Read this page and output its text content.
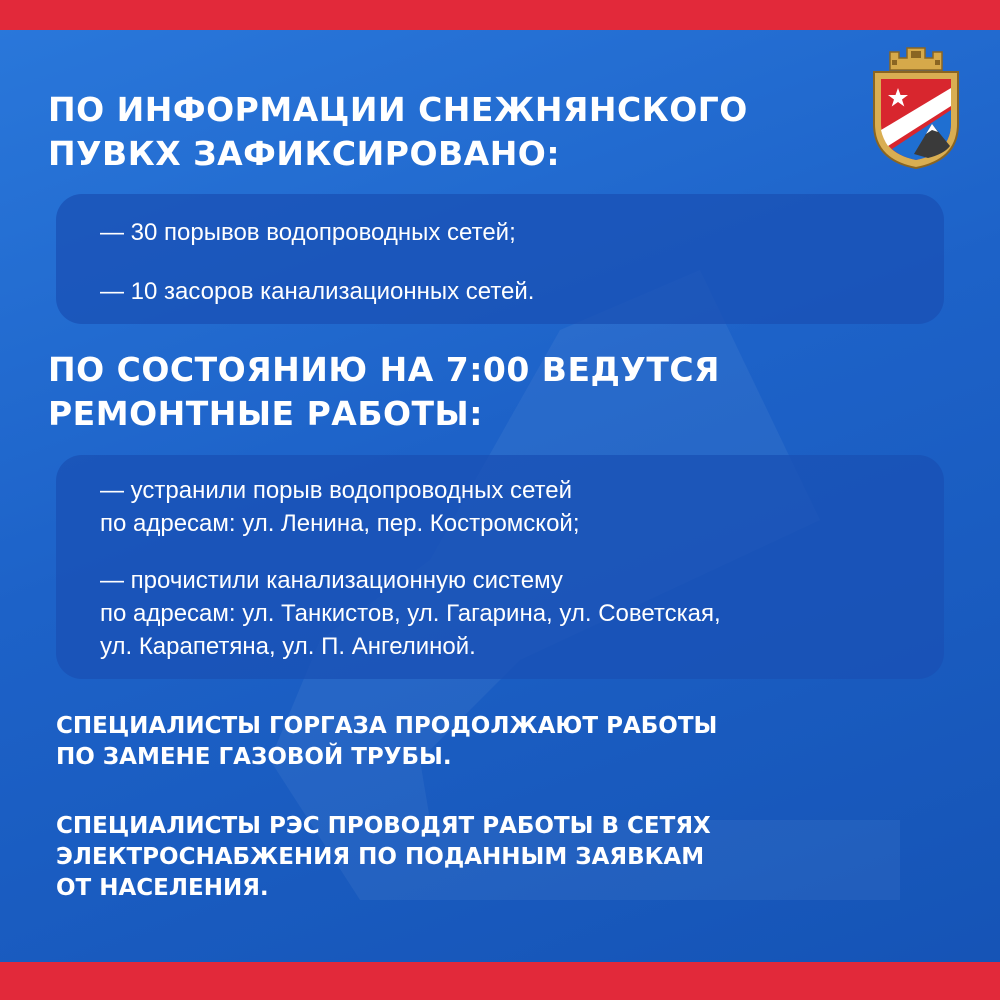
ПО ИНФОРМАЦИИ СНЕЖНЯНСКОГО
ПУВКХ ЗАФИКСИРОВАНО:

— 30 порывов водопроводных сетей;

— 10 засоров канализационных сетей.

ПО СОСТОЯНИЮ НА 7:00 ВЕДУТСЯ
РЕМОНТНЫЕ РАБОТЫ:

— устранили порыв водопроводных сетей
по адресам: ул. Ленина, пер. Костромской;

— прочистили канализационную систему
по адресам: ул. Танкистов, ул. Гагарина, ул. Советская,
ул. Карапетяна, ул. П. Ангелиной.

СПЕЦИАЛИСТЫ ГОРГАЗА ПРОДОЛЖАЮТ РАБОТЫ
ПО ЗАМЕНЕ ГАЗОВОЙ ТРУБЫ.

СПЕЦИАЛИСТЫ РЭС ПРОВОДЯТ РАБОТЫ В СЕТЯХ
ЭЛЕКТРОСНАБЖЕНИЯ ПО ПОДАННЫМ ЗАЯВКАМ
ОТ НАСЕЛЕНИЯ.
